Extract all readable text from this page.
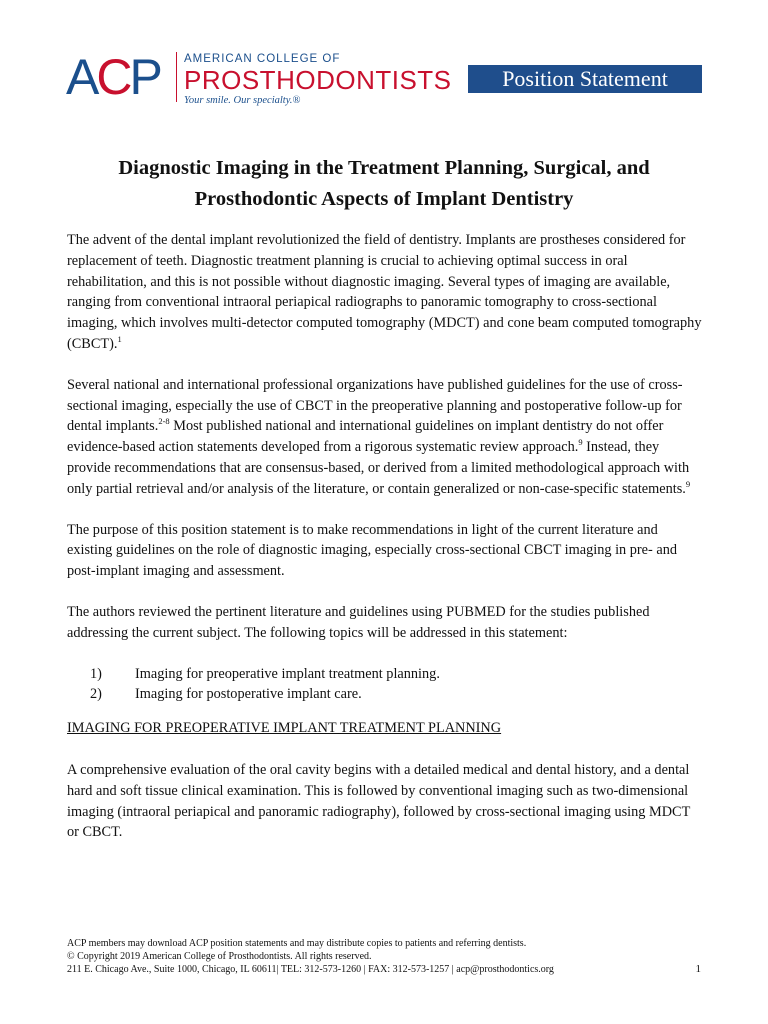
ACP AMERICAN COLLEGE OF
PROSTHODONTISTS
Your smile. Our specialty.®
Position Statement
Diagnostic Imaging in the Treatment Planning, Surgical, and
Prosthodontic Aspects of Implant Dentistry

The advent of the dental implant revolutionized the field of dentistry. Implants are prostheses considered for replacement of teeth. Diagnostic treatment planning is crucial to achieving optimal success in oral rehabilitation, and this is not possible without diagnostic imaging. Several types of imaging are available, ranging from conventional intraoral periapical radiographs to panoramic tomography to cross-sectional imaging, which involves multi-detector computed tomography (MDCT) and cone beam computed tomography (CBCT).$^1$

Several national and international professional organizations have published guidelines for the use of cross-sectional imaging, especially the use of CBCT in the preoperative planning and postoperative follow-up for dental implants.$^{2-8}$ Most published national and international guidelines on implant dentistry do not offer evidence-based action statements developed from a rigorous systematic review approach.$^9$ Instead, they provide recommendations that are consensus-based, or derived from a limited methodological approach with only partial retrieval and/or analysis of the literature, or contain generalized or non-case-specific statements.$^9$

The purpose of this position statement is to make recommendations in light of the current literature and existing guidelines on the role of diagnostic imaging, especially cross-sectional CBCT imaging in pre- and post-implant imaging and assessment.

The authors reviewed the pertinent literature and guidelines using PUBMED for the studies published addressing the current subject. The following topics will be addressed in this statement:

1)	Imaging for preoperative implant treatment planning.
2)	Imaging for postoperative implant care.
IMAGING FOR PREOPERATIVE IMPLANT TREATMENT PLANNING

A comprehensive evaluation of the oral cavity begins with a detailed medical and dental history, and a dental hard and soft tissue clinical examination. This is followed by conventional imaging such as two-dimensional imaging (intraoral periapical and panoramic radiography), followed by cross-sectional imaging using MDCT or CBCT.

ACP members may download ACP position statements and may distribute copies to patients and referring dentists.
© Copyright 2019 American College of Prosthodontists. All rights reserved.
211 E. Chicago Ave., Suite 1000, Chicago, IL 60611| TEL: 312-573-1260 | FAX: 312-573-1257 | acp@prosthodontics.org	1
